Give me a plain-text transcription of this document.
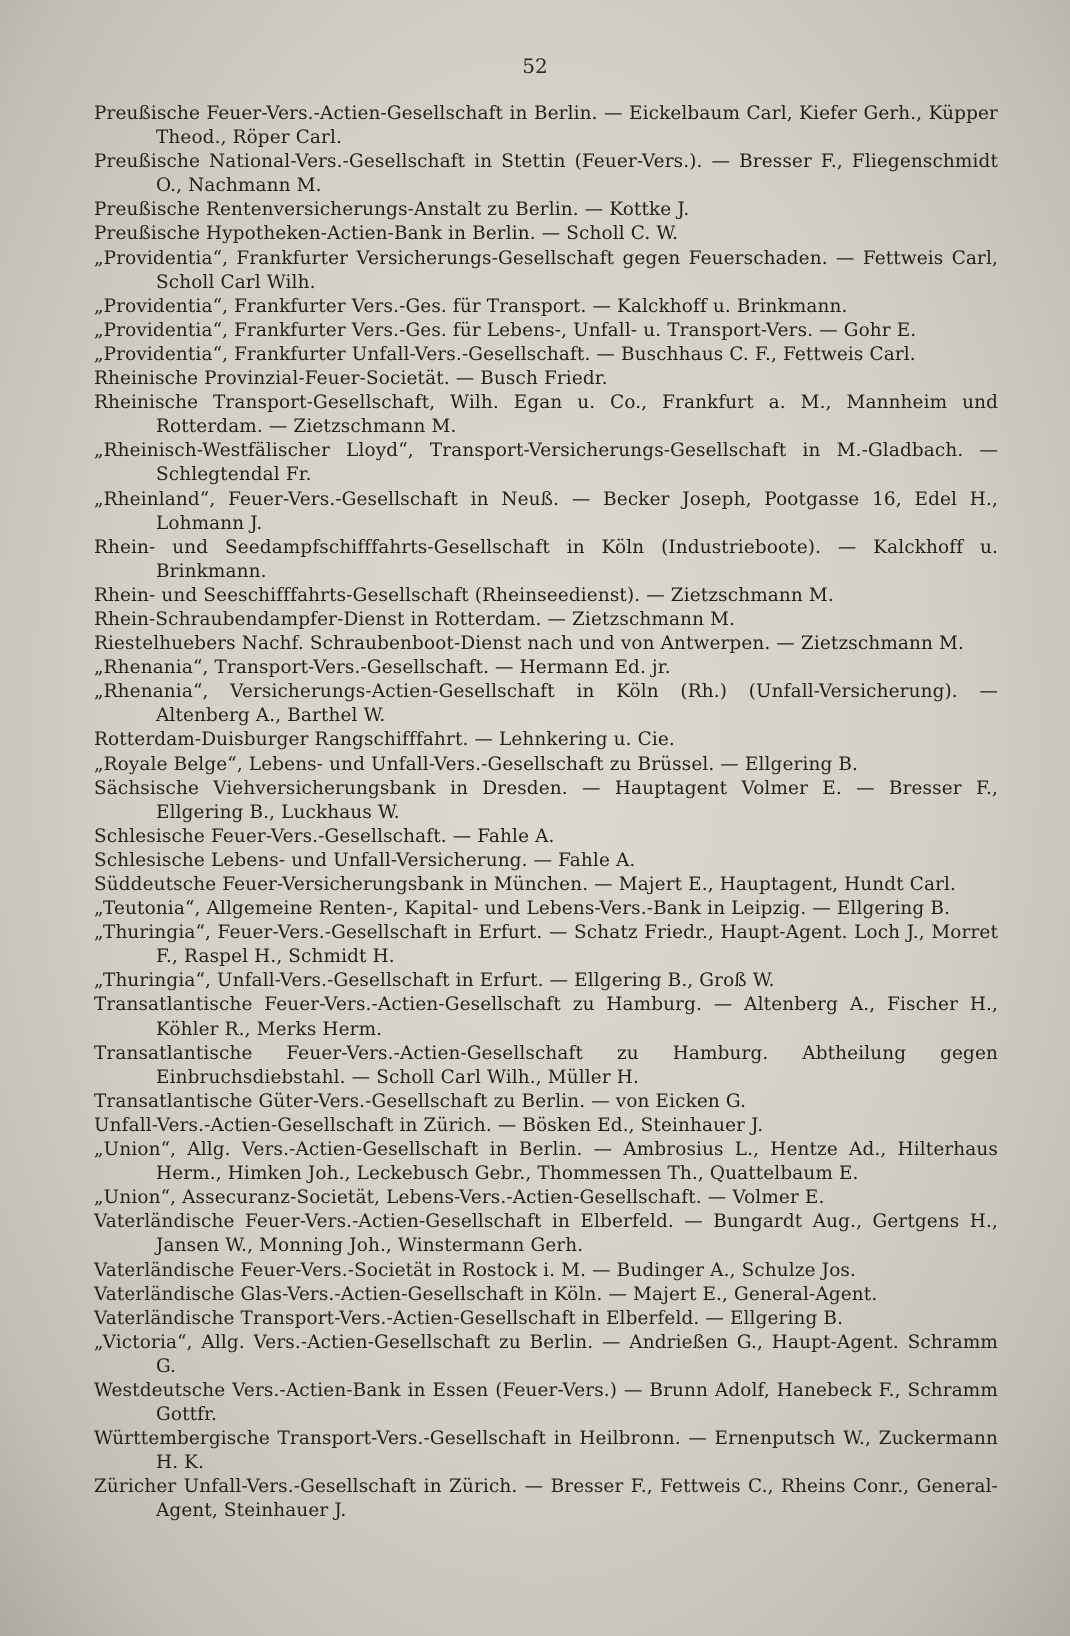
52

Preußische Feuer-Vers.-Actien-Gesellschaft in Berlin. — Eickelbaum Carl, Kiefer Gerh., Küpper Theod., Röper Carl.

Preußische National-Vers.-Gesellschaft in Stettin (Feuer-Vers.). — Bresser F., Fliegenschmidt O., Nachmann M.

Preußische Rentenversicherungs-Anstalt zu Berlin. — Kottke J.

Preußische Hypotheken-Actien-Bank in Berlin. — Scholl C. W.

„Providentia“, Frankfurter Versicherungs-Gesellschaft gegen Feuerschaden. — Fettweis Carl, Scholl Carl Wilh.

„Providentia“, Frankfurter Vers.-Ges. für Transport. — Kalckhoff u. Brinkmann.

„Providentia“, Frankfurter Vers.-Ges. für Lebens-, Unfall- u. Transport-Vers. — Gohr E.

„Providentia“, Frankfurter Unfall-Vers.-Gesellschaft. — Buschhaus C. F., Fettweis Carl.

Rheinische Provinzial-Feuer-Societät. — Busch Friedr.

Rheinische Transport-Gesellschaft, Wilh. Egan u. Co., Frankfurt a. M., Mannheim und Rotterdam. — Zietzschmann M.

„Rheinisch-Westfälischer Lloyd“, Transport-Versicherungs-Gesellschaft in M.-Gladbach. — Schlegtendal Fr.

„Rheinland“, Feuer-Vers.-Gesellschaft in Neuß. — Becker Joseph, Pootgasse 16, Edel H., Lohmann J.

Rhein- und Seedampfschifffahrts-Gesellschaft in Köln (Industrieboote). — Kalckhoff u. Brinkmann.

Rhein- und Seeschifffahrts-Gesellschaft (Rheinseedienst). — Zietzschmann M.

Rhein-Schraubendampfer-Dienst in Rotterdam. — Zietzschmann M.

Riestelhuebers Nachf. Schraubenboot-Dienst nach und von Antwerpen. — Zietzschmann M.

„Rhenania“, Transport-Vers.-Gesellschaft. — Hermann Ed. jr.

„Rhenania“, Versicherungs-Actien-Gesellschaft in Köln (Rh.) (Unfall-Versicherung). — Altenberg A., Barthel W.

Rotterdam-Duisburger Rangschifffahrt. — Lehnkering u. Cie.

„Royale Belge“, Lebens- und Unfall-Vers.-Gesellschaft zu Brüssel. — Ellgering B.

Sächsische Viehversicherungsbank in Dresden. — Hauptagent Volmer E. — Bresser F., Ellgering B., Luckhaus W.

Schlesische Feuer-Vers.-Gesellschaft. — Fahle A.

Schlesische Lebens- und Unfall-Versicherung. — Fahle A.

Süddeutsche Feuer-Versicherungsbank in München. — Majert E., Hauptagent, Hundt Carl.

„Teutonia“, Allgemeine Renten-, Kapital- und Lebens-Vers.-Bank in Leipzig. — Ellgering B.

„Thuringia“, Feuer-Vers.-Gesellschaft in Erfurt. — Schatz Friedr., Haupt-Agent. Loch J., Morret F., Raspel H., Schmidt H.

„Thuringia“, Unfall-Vers.-Gesellschaft in Erfurt. — Ellgering B., Groß W.

Transatlantische Feuer-Vers.-Actien-Gesellschaft zu Hamburg. — Altenberg A., Fischer H., Köhler R., Merks Herm.

Transatlantische Feuer-Vers.-Actien-Gesellschaft zu Hamburg. Abtheilung gegen Einbruchsdiebstahl. — Scholl Carl Wilh., Müller H.

Transatlantische Güter-Vers.-Gesellschaft zu Berlin. — von Eicken G.

Unfall-Vers.-Actien-Gesellschaft in Zürich. — Bösken Ed., Steinhauer J.

„Union“, Allg. Vers.-Actien-Gesellschaft in Berlin. — Ambrosius L., Hentze Ad., Hilterhaus Herm., Himken Joh., Leckebusch Gebr., Thommessen Th., Quattelbaum E.

„Union“, Assecuranz-Societät, Lebens-Vers.-Actien-Gesellschaft. — Volmer E.

Vaterländische Feuer-Vers.-Actien-Gesellschaft in Elberfeld. — Bungardt Aug., Gertgens H., Jansen W., Monning Joh., Winstermann Gerh.

Vaterländische Feuer-Vers.-Societät in Rostock i. M. — Budinger A., Schulze Jos.

Vaterländische Glas-Vers.-Actien-Gesellschaft in Köln. — Majert E., General-Agent.

Vaterländische Transport-Vers.-Actien-Gesellschaft in Elberfeld. — Ellgering B.

„Victoria“, Allg. Vers.-Actien-Gesellschaft zu Berlin. — Andrießen G., Haupt-Agent. Schramm G.

Westdeutsche Vers.-Actien-Bank in Essen (Feuer-Vers.) — Brunn Adolf, Hanebeck F., Schramm Gottfr.

Württembergische Transport-Vers.-Gesellschaft in Heilbronn. — Ernenputsch W., Zuckermann H. K.

Züricher Unfall-Vers.-Gesellschaft in Zürich. — Bresser F., Fettweis C., Rheins Conr., General-Agent, Steinhauer J.
